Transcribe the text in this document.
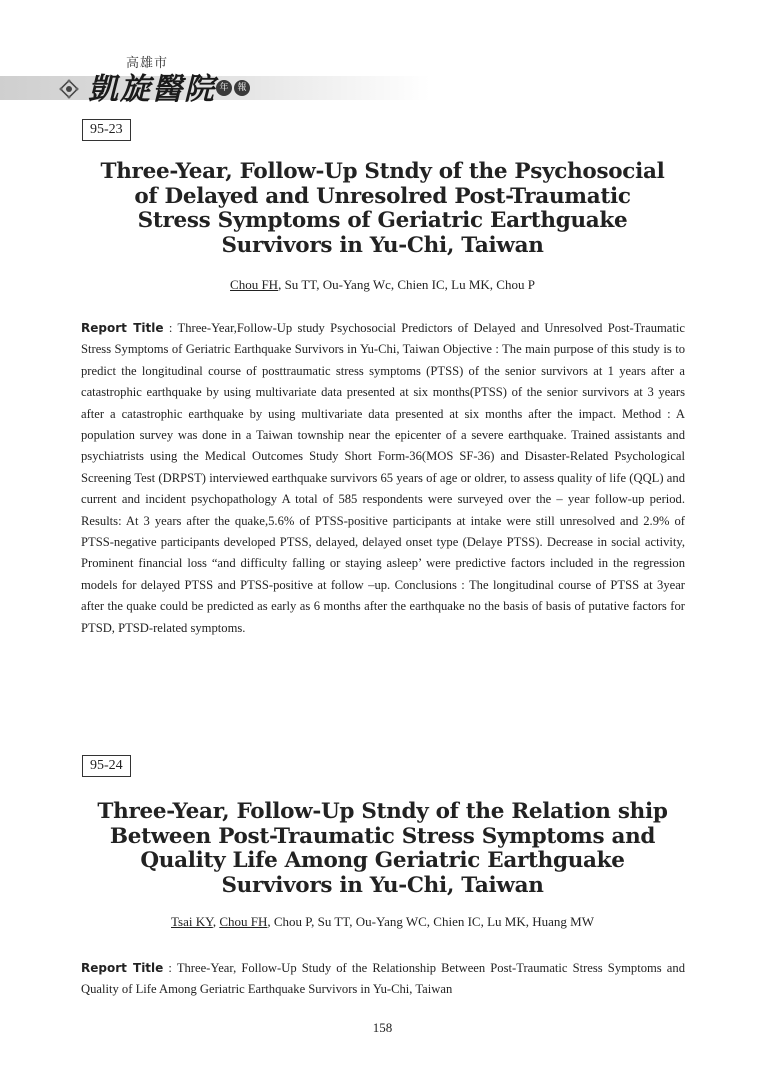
高雄市
凱旋醫院 年 報
95-23
Three-Year, Follow-Up Stndy of the Psychosocial of Delayed and Unresolred Post-Traumatic Stress Symptoms of Geriatric Earthguake Survivors in Yu-Chi, Taiwan
Chou FH, Su TT, Ou-Yang Wc, Chien IC, Lu MK, Chou P
Report Title : Three-Year,Follow-Up study Psychosocial Predictors of Delayed and Unresolved Post-Traumatic Stress Symptoms of Geriatric Earthquake Survivors in Yu-Chi, Taiwan Objective : The main purpose of this study is to predict the longitudinal course of posttraumatic stress symptoms (PTSS) of the senior survivors at 1 years after a catastrophic earthquake by using multivariate data presented at six months(PTSS) of the senior survivors at 3 years after a catastrophic earthquake by using multivariate data presented at six months after the impact. Method : A population survey was done in a Taiwan township near the epicenter of a severe earthquake. Trained assistants and psychiatrists using the Medical Outcomes Study Short Form-36(MOS SF-36) and Disaster-Related Psychological Screening Test (DRPST) interviewed earthquake survivors 65 years of age or oldrer, to assess quality of life (QQL) and current and incident psychopathology A total of 585 respondents were surveyed over the – year follow-up period. Results: At 3 years after the quake,5.6% of PTSS-positive participants at intake were still unresolved and 2.9% of PTSS-negative participants developed PTSS, delayed, delayed onset type (Delaye PTSS). Decrease in social activity, Prominent financial loss “and difficulty falling or staying asleep’ were predictive factors included in the regression models for delayed PTSS and PTSS-positive at follow –up. Conclusions : The longitudinal course of PTSS at 3year after the quake could be predicted as early as 6 months after the earthquake no the basis of basis of putative factors for PTSD, PTSD-related symptoms.
95-24
Three-Year, Follow-Up Stndy of the Relation ship Between Post-Traumatic Stress Symptoms and Quality Life Among Geriatric Earthguake Survivors in Yu-Chi, Taiwan
Tsai KY, Chou FH, Chou P, Su TT, Ou-Yang WC, Chien IC, Lu MK, Huang MW
Report Title : Three-Year, Follow-Up Study of the Relationship Between Post-Traumatic Stress Symptoms and Quality of Life Among Geriatric Earthquake Survivors in Yu-Chi, Taiwan
158
